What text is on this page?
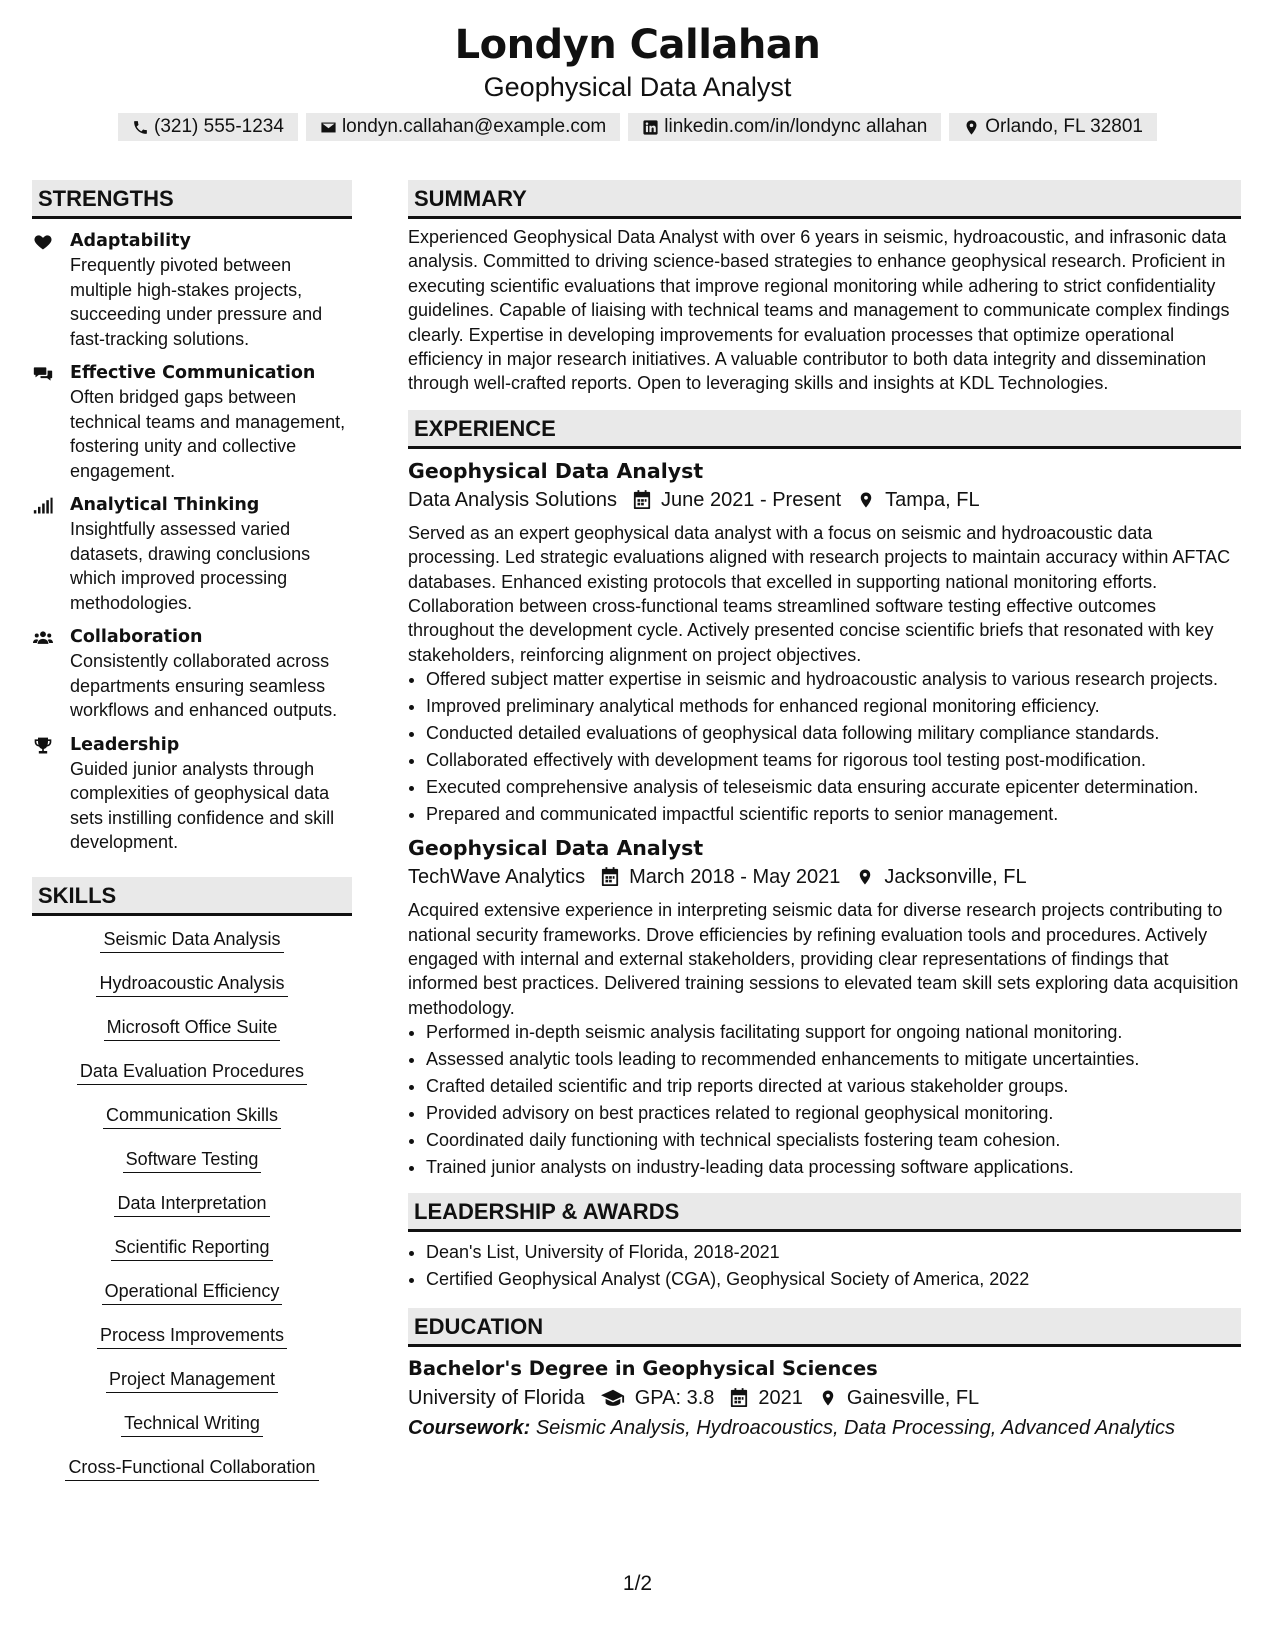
Londyn Callahan
Geophysical Data Analyst
(321) 555-1234	londyn.callahan@example.com	linkedin.com/in/londync allahan	Orlando, FL 32801
STRENGTHS
Adaptability
Frequently pivoted between multiple high-stakes projects, succeeding under pressure and fast-tracking solutions.
Effective Communication
Often bridged gaps between technical teams and management, fostering unity and collective engagement.
Analytical Thinking
Insightfully assessed varied datasets, drawing conclusions which improved processing methodologies.
Collaboration
Consistently collaborated across departments ensuring seamless workflows and enhanced outputs.
Leadership
Guided junior analysts through complexities of geophysical data sets instilling confidence and skill development.
SKILLS
Seismic Data Analysis
Hydroacoustic Analysis
Microsoft Office Suite
Data Evaluation Procedures
Communication Skills
Software Testing
Data Interpretation
Scientific Reporting
Operational Efficiency
Process Improvements
Project Management
Technical Writing
Cross-Functional Collaboration
SUMMARY
Experienced Geophysical Data Analyst with over 6 years in seismic, hydroacoustic, and infrasonic data analysis. Committed to driving science-based strategies to enhance geophysical research. Proficient in executing scientific evaluations that improve regional monitoring while adhering to strict confidentiality guidelines. Capable of liaising with technical teams and management to communicate complex findings clearly. Expertise in developing improvements for evaluation processes that optimize operational efficiency in major research initiatives. A valuable contributor to both data integrity and dissemination through well-crafted reports. Open to leveraging skills and insights at KDL Technologies.
EXPERIENCE
Geophysical Data Analyst
Data Analysis Solutions June 2021 - Present Tampa, FL
Served as an expert geophysical data analyst with a focus on seismic and hydroacoustic data processing. Led strategic evaluations aligned with research projects to maintain accuracy within AFTAC databases. Enhanced existing protocols that excelled in supporting national monitoring efforts. Collaboration between cross-functional teams streamlined software testing effective outcomes throughout the development cycle. Actively presented concise scientific briefs that resonated with key stakeholders, reinforcing alignment on project objectives.
• Offered subject matter expertise in seismic and hydroacoustic analysis to various research projects.
• Improved preliminary analytical methods for enhanced regional monitoring efficiency.
• Conducted detailed evaluations of geophysical data following military compliance standards.
• Collaborated effectively with development teams for rigorous tool testing post-modification.
• Executed comprehensive analysis of teleseismic data ensuring accurate epicenter determination.
• Prepared and communicated impactful scientific reports to senior management.
Geophysical Data Analyst
TechWave Analytics March 2018 - May 2021 Jacksonville, FL
Acquired extensive experience in interpreting seismic data for diverse research projects contributing to national security frameworks. Drove efficiencies by refining evaluation tools and procedures. Actively engaged with internal and external stakeholders, providing clear representations of findings that informed best practices. Delivered training sessions to elevated team skill sets exploring data acquisition methodology.
• Performed in-depth seismic analysis facilitating support for ongoing national monitoring.
• Assessed analytic tools leading to recommended enhancements to mitigate uncertainties.
• Crafted detailed scientific and trip reports directed at various stakeholder groups.
• Provided advisory on best practices related to regional geophysical monitoring.
• Coordinated daily functioning with technical specialists fostering team cohesion.
• Trained junior analysts on industry-leading data processing software applications.
LEADERSHIP & AWARDS
• Dean's List, University of Florida, 2018-2021
• Certified Geophysical Analyst (CGA), Geophysical Society of America, 2022
EDUCATION
Bachelor's Degree in Geophysical Sciences
University of Florida	GPA: 3.8 2021 Gainesville, FL
Coursework: Seismic Analysis, Hydroacoustics, Data Processing, Advanced Analytics
1/2
